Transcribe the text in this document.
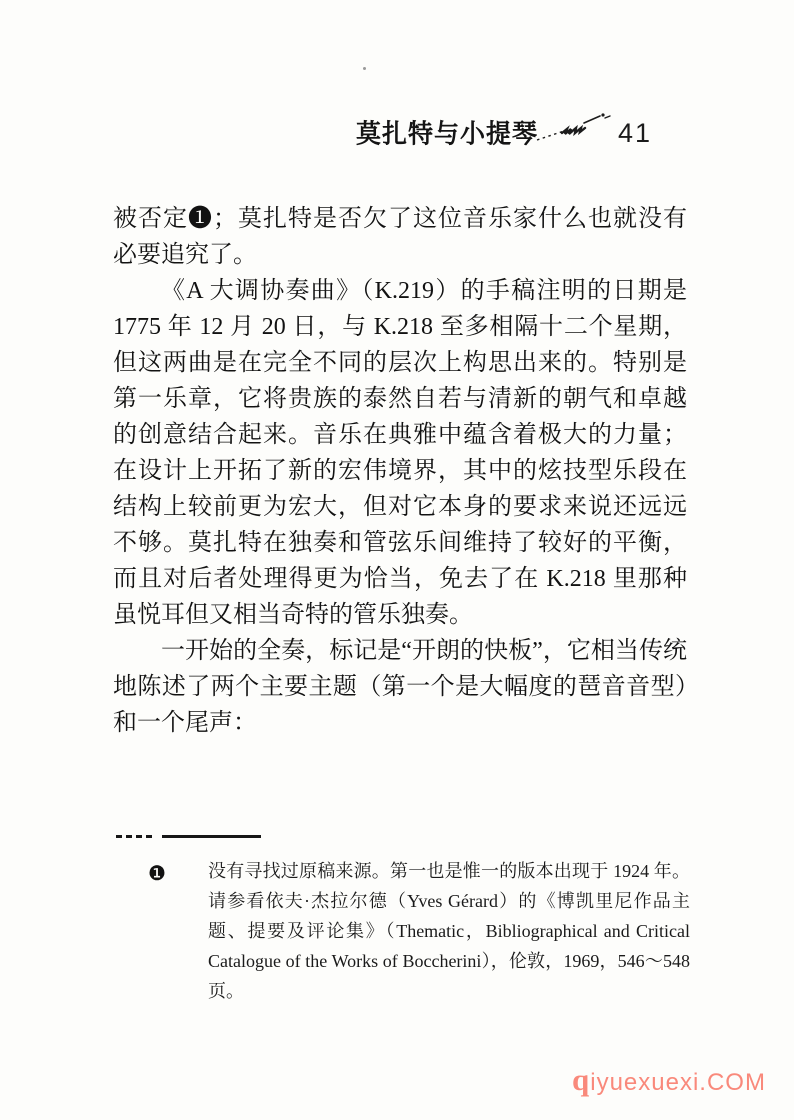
莫扎特与小提琴	41

被否定❶；莫扎特是否欠了这位音乐家什么也就没有必要追究了。

《A 大调协奏曲》（K.219）的手稿注明的日期是 1775 年 12 月 20 日，与 K.218 至多相隔十二个星期，但这两曲是在完全不同的层次上构思出来的。特别是第一乐章，它将贵族的泰然自若与清新的朝气和卓越的创意结合起来。音乐在典雅中蕴含着极大的力量；在设计上开拓了新的宏伟境界，其中的炫技型乐段在结构上较前更为宏大，但对它本身的要求来说还远远不够。莫扎特在独奏和管弦乐间维持了较好的平衡，而且对后者处理得更为恰当，免去了在 K.218 里那种虽悦耳但又相当奇特的管乐独奏。

一开始的全奏，标记是“开朗的快板”，它相当传统地陈述了两个主要主题（第一个是大幅度的琶音音型）和一个尾声：

❶ 没有寻找过原稿来源。第一也是惟一的版本出现于 1924 年。请参看依夫·杰拉尔德（Yves Gérard）的《博凯里尼作品主题、提要及评论集》（Thematic，Bibliographical and Critical Catalogue of the Works of Boccherini），伦敦，1969，546～548 页。

qiyuexuexi.COM
